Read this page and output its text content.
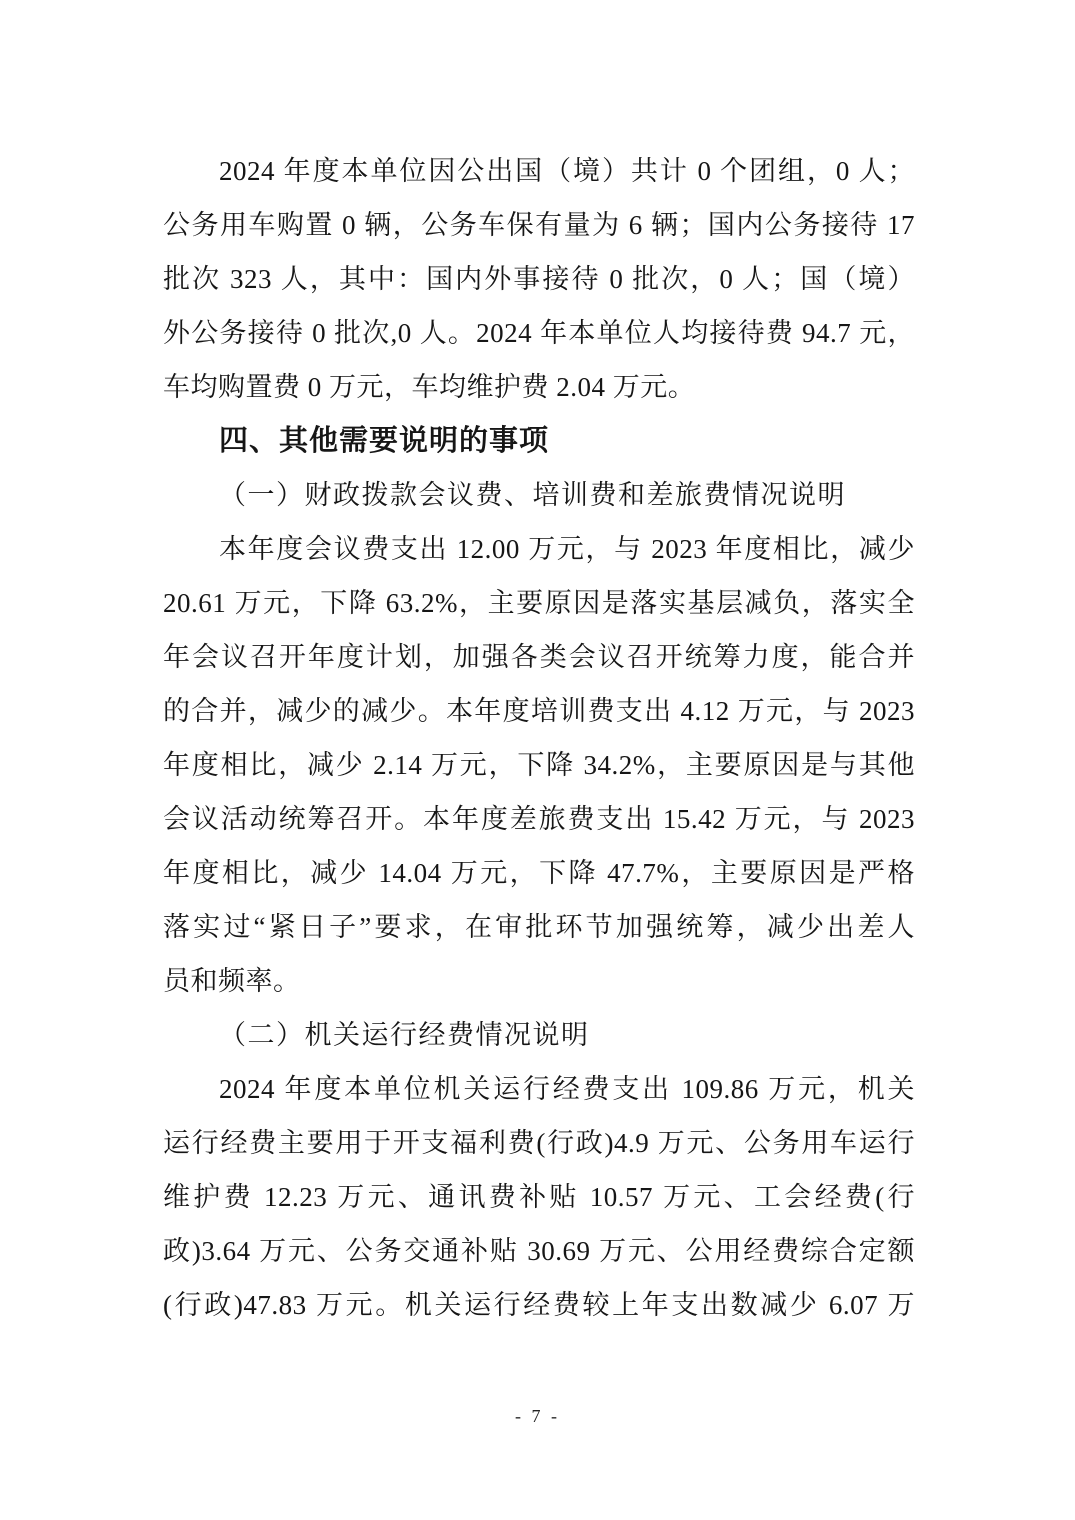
2024 年度本单位因公出国（境）共计 0 个团组，0 人；
公务用车购置 0 辆，公务车保有量为 6 辆；国内公务接待 17
批次 323 人，其中：国内外事接待 0 批次，0 人；国（境）
外公务接待 0 批次,0 人。2024 年本单位人均接待费 94.7 元，
车均购置费 0 万元，车均维护费 2.04 万元。
四、其他需要说明的事项
（一）财政拨款会议费、培训费和差旅费情况说明
本年度会议费支出 12.00 万元，与 2023 年度相比，减少
20.61 万元，下降 63.2%，主要原因是落实基层减负，落实全
年会议召开年度计划，加强各类会议召开统筹力度，能合并
的合并，减少的减少。本年度培训费支出 4.12 万元，与 2023
年度相比，减少 2.14 万元，下降 34.2%，主要原因是与其他
会议活动统筹召开。本年度差旅费支出 15.42 万元，与 2023
年度相比，减少 14.04 万元，下降 47.7%，主要原因是严格
落实过“紧日子”要求，在审批环节加强统筹，减少出差人
员和频率。
（二）机关运行经费情况说明
2024 年度本单位机关运行经费支出 109.86 万元，机关
运行经费主要用于开支福利费(行政)4.9 万元、公务用车运行
维护费 12.23 万元、通讯费补贴 10.57 万元、工会经费(行
政)3.64 万元、公务交通补贴 30.69 万元、公用经费综合定额
(行政)47.83 万元。机关运行经费较上年支出数减少 6.07 万
- 7 -
